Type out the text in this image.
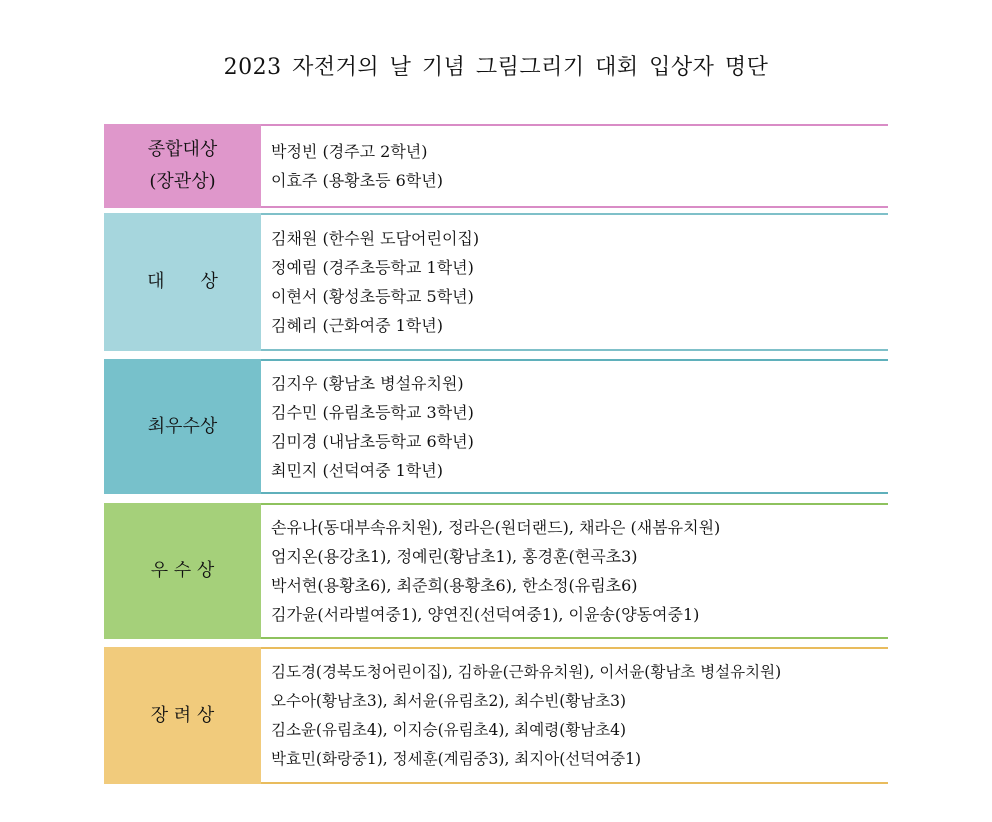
2023 자전거의 날 기념 그림그리기 대회 입상자 명단
종합대상
(장관상)
박정빈 (경주고 2학년)
이효주 (용황초등 6학년)
대　　상
김채원 (한수원 도담어린이집)
정예림 (경주초등학교 1학년)
이현서 (황성초등학교 5학년)
김혜리 (근화여중 1학년)
최우수상
김지우 (황남초 병설유치원)
김수민 (유림초등학교 3학년)
김미경 (내남초등학교 6학년)
최민지 (선덕여중 1학년)
우 수 상
손유나(동대부속유치원), 정라은(원더랜드), 채라은 (새봄유치원)
엄지온(용강초1), 정예린(황남초1), 홍경훈(현곡초3)
박서현(용황초6), 최준희(용황초6), 한소정(유림초6)
김가윤(서라벌여중1), 양연진(선덕여중1), 이윤송(양동여중1)
장 려 상
김도경(경북도청어린이집), 김하윤(근화유치원), 이서윤(황남초 병설유치원)
오수아(황남초3), 최서윤(유림초2), 최수빈(황남초3)
김소윤(유림초4), 이지승(유림초4), 최예령(황남초4)
박효민(화랑중1), 정세훈(계림중3), 최지아(선덕여중1)
